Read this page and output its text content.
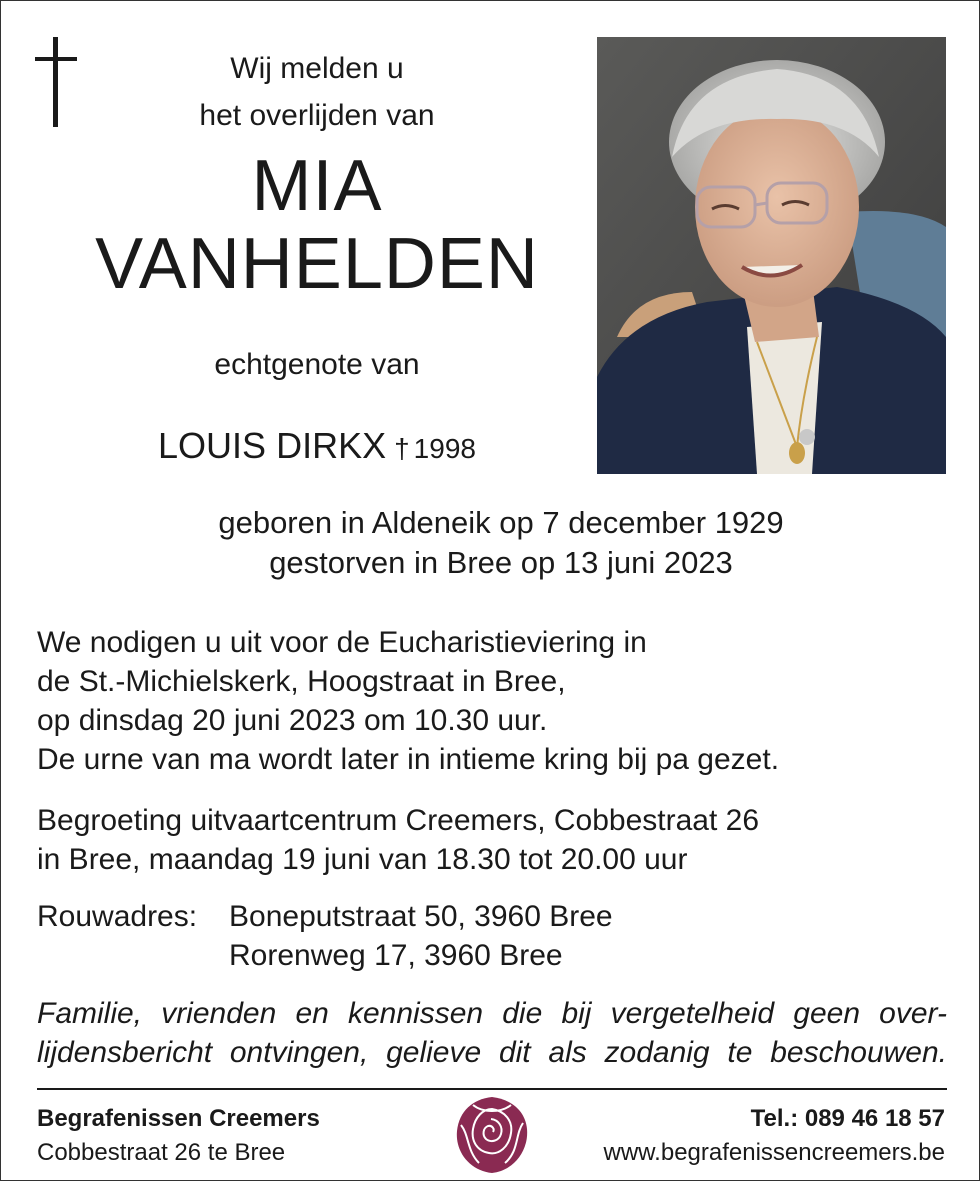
Wij melden u
het overlijden van
MIA
VANHELDEN
echtgenote van
LOUIS DIRKX † 1998
geboren in Aldeneik op 7 december 1929
gestorven in Bree op 13 juni 2023
We nodigen u uit voor de Eucharistieviering in
de St.-Michielskerk, Hoogstraat in Bree,
op dinsdag 20 juni 2023 om 10.30 uur.
De urne van ma wordt later in intieme kring bij pa gezet.
Begroeting uitvaartcentrum Creemers, Cobbestraat 26
in Bree, maandag 19 juni van 18.30 tot 20.00 uur
Rouwadres:	Boneputstraat 50, 3960 Bree
Rorenweg 17, 3960 Bree
Familie, vrienden en kennissen die bij vergetelheid geen over-
lijdensbericht ontvingen, gelieve dit als zodanig te beschouwen.
Begrafenissen Creemers
Cobbestraat 26 te Bree
Tel.: 089 46 18 57
www.begrafenissencreemers.be
